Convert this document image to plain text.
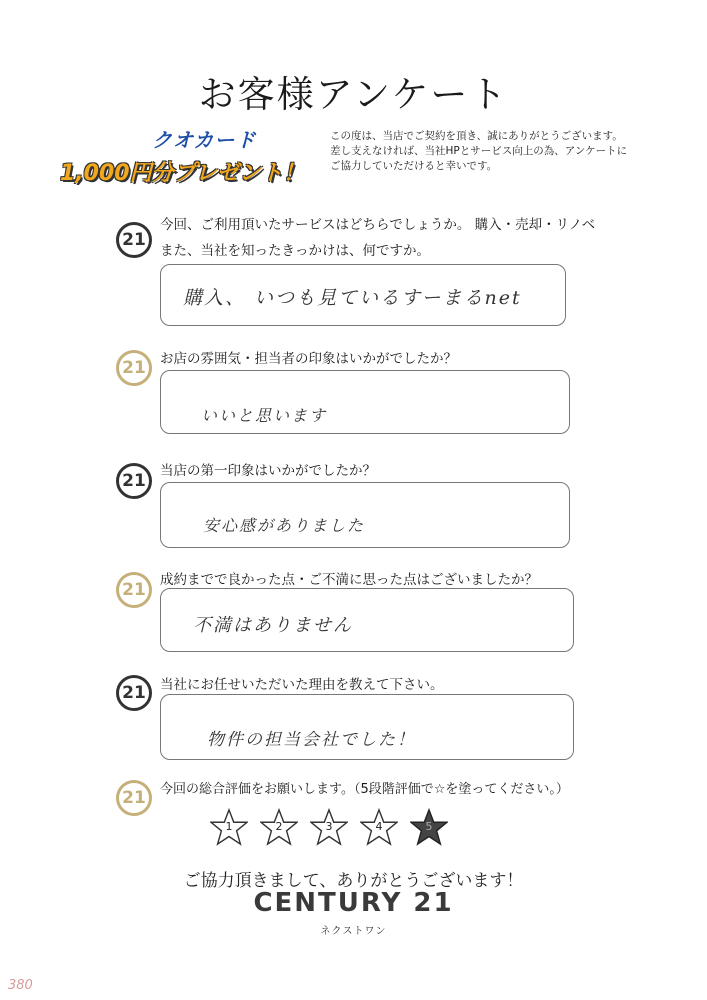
お客様アンケート
クオカード
1,000円分プレゼント！
この度は、当店でご契約を頂き、誠にありがとうございます。
差し支えなければ、当社HPとサービス向上の為、アンケートに
ご協力していただけると幸いです。
21
今回、ご利用頂いたサービスはどちらでしょうか。 購入・売却・リノベ
また、当社を知ったきっかけは、何ですか。
購入、 いつも見ているすーまるnet
21	お店の雰囲気・担当者の印象はいかがでしたか？
いいと思います
21	当店の第一印象はいかがでしたか？
安心感がありました
21	成約までで良かった点・ご不満に思った点はございましたか？
不満はありません
21	当社にお任せいただいた理由を教えて下さい。
物件の担当会社でした！
21	今回の総合評価をお願いします。（5段階評価で☆を塗ってください。）
1	2	3	4	5
ご協力頂きまして、ありがとうございます！
CENTURY 21
ネクストワン
380
